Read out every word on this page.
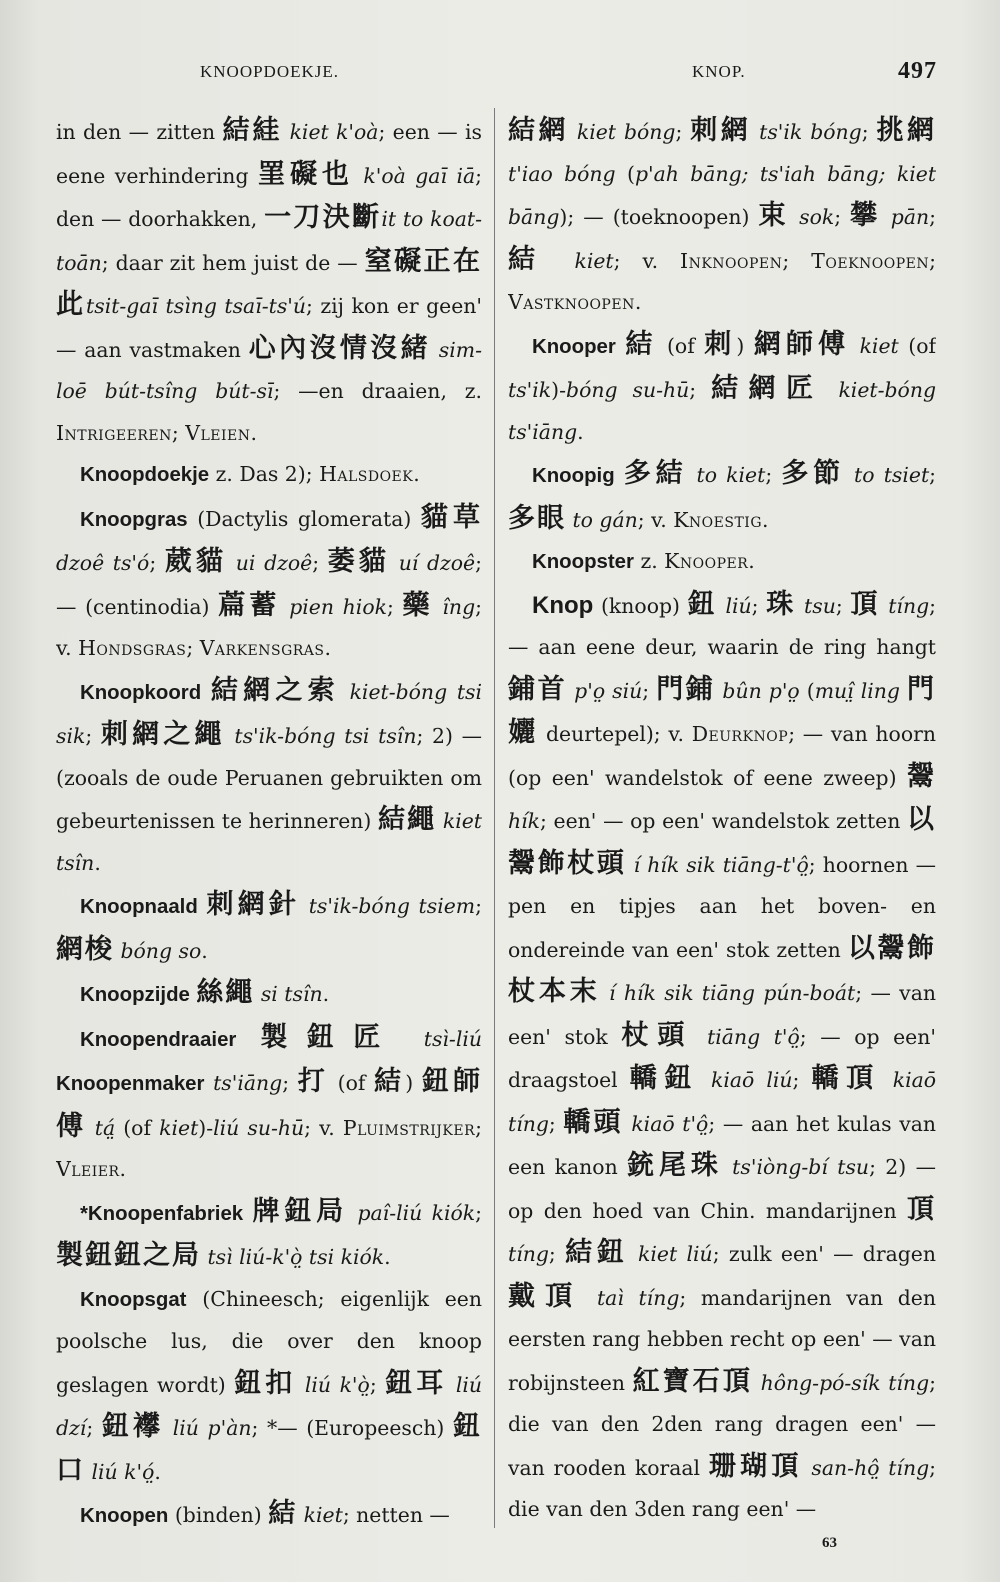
KNOOPDOEKJE.	KNOP.	497

in den — zitten 結絓 kiet k'oà; een — is eene verhindering 罣礙也 k'oà gaī iā; den — doorhakken, 一刀決斷it to koat-toān; daar zit hem juist de — 窒礙正在此tsit-gaī tsìng tsaī-ts'ú; zij kon er geen' — aan vastmaken 心內沒情沒緒 sim-loē bút-tsîng bút-sī; —en draaien, z. Intrigeeren; Vleien.

Knoopdoekje z. Das 2); Halsdoek.

Knoopgras (Dactylis glomerata) 貓草 dzoê ts'ó; 葳貓 ui dzoê; 萎貓 uí dzoê; — (centinodia) 萹蓄 pien hiok; 藥 îng; v. Hondsgras; Varkensgras.

Knoopkoord 結網之索 kiet-bóng tsi sik; 刺網之繩 ts'ik-bóng tsi tsîn; 2) — (zooals de oude Peruanen gebruikten om gebeurtenissen te herinneren) 結繩 kiet tsîn.

Knoopnaald 刺網針 ts'ik-bóng tsiem; 網梭 bóng so.

Knoopzijde 絲繩 si tsîn.

Knoopendraaier 製鈕匠 tsì-liú Knoopenmaker ts'iāng; 打 (of 結) 鈕師傅 tá̤ (of kiet)-liú su-hū; v. Pluimstrijker; Vleier.

*Knoopenfabriek 牌鈕局 paî-liú kiók; 製鈕鈕之局 tsì liú-k'ò̤ tsi kiók.

Knoopsgat (Chineesch; eigenlijk een poolsche lus, die over den knoop geslagen wordt) 鈕扣 liú k'ò̤; 鈕耳 liú dzí; 鈕襻 liú p'àn; *— (Europeesch) 鈕口 liú k'ó̤.

Knoopen (binden) 結 kiet; netten —

結網 kiet bóng; 刺網 ts'ik bóng; 挑網 t'iao bóng (p'ah bāng; ts'iah bāng; kiet bāng); — (toeknoopen) 束 sok; 攀 pān; 結 kiet; v. Inknoopen; Toeknoopen; Vastknoopen.

Knooper 結 (of 刺) 網師傅 kiet (of ts'ik)-bóng su-hū; 結網匠 kiet-bóng ts'iāng.

Knoopig 多結 to kiet; 多節 to tsiet; 多眼 to gán; v. Knoestig.

Knoopster z. Knooper.

Knop (knoop) 鈕 liú; 珠 tsu; 頂 tíng; — aan eene deur, waarin de ring hangt 鋪首 p'o̤ siú; 門鋪 bûn p'o̤ (muî̤ ling 門孋 deurtepel); v. Deurknop; — van hoorn (op een' wandelstok of eene zweep) 鬶 hík; een' — op een' wandelstok zetten 以鬶飾杖頭 í hík sik tiāng-t'ô̤; hoornen —pen en tipjes aan het boven- en ondereinde van een' stok zetten 以鬶飾杖本末 í hík sik tiāng pún-boát; — van een' stok 杖頭 tiāng t'ô̤; — op een' draagstoel 轎鈕 kiaō liú; 轎頂 kiaō tíng; 轎頭 kiaō t'ô̤; — aan het kulas van een kanon 銃尾珠 ts'iòng-bí tsu; 2) — op den hoed van Chin. mandarijnen 頂 tíng; 結鈕 kiet liú; zulk een' — dragen 戴頂 taì tíng; mandarijnen van den eersten rang hebben recht op een' — van robijnsteen 紅寶石頂 hông-pó-sík tíng; die van den 2den rang dragen een' — van rooden koraal 珊瑚頂 san-hô̤ tíng; die van den 3den rang een' —

63
